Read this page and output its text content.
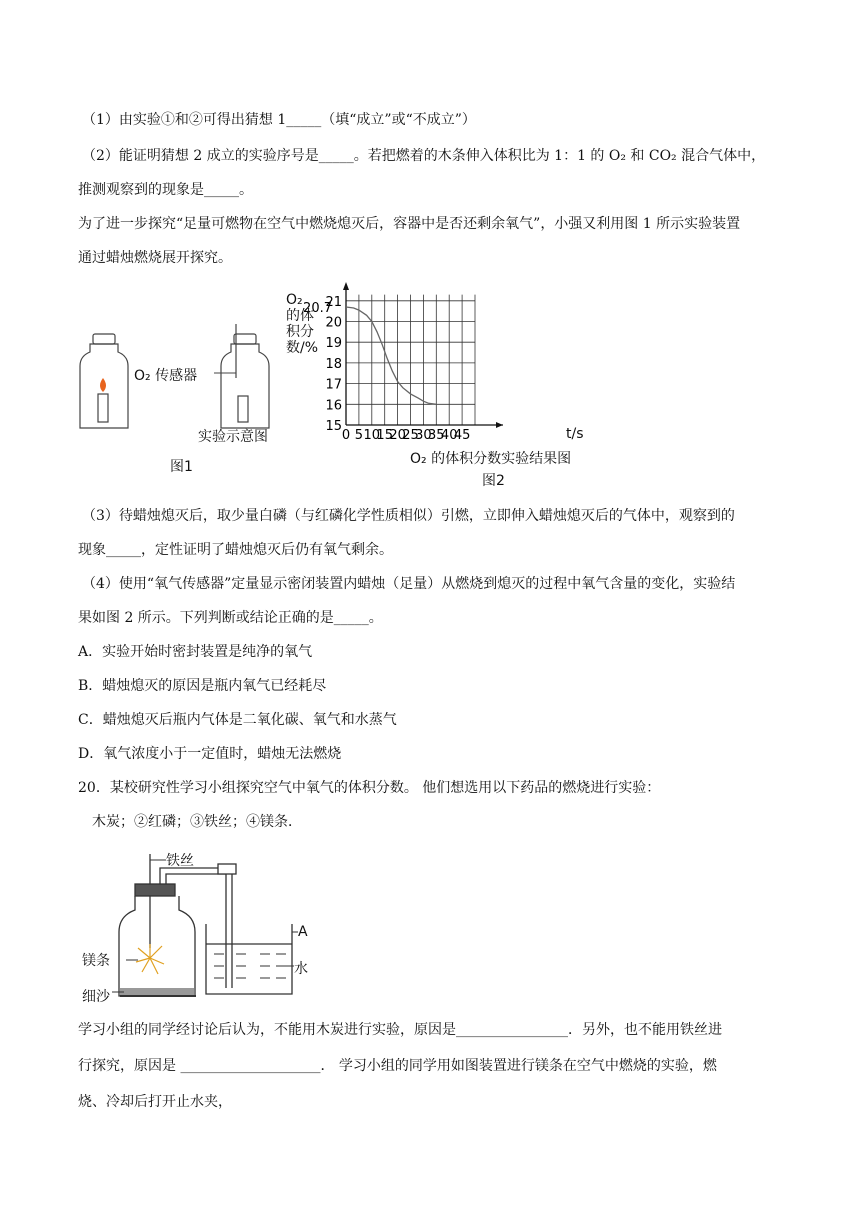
（1）由实验①和②可得出猜想 1_____（填“成立”或“不成立”）
（2）能证明猜想 2 成立的实验序号是_____。若把燃着的木条伸入体积比为 1：1 的 O₂ 和 CO₂ 混合气体中，
推测观察到的现象是_____。
为了进一步探究“足量可燃物在空气中燃烧熄灭后，容器中是否还剩余氧气”，小强又利用图 1 所示实验装置
通过蜡烛燃烧展开探究。
O₂ 传感器
实验示意图
图1
0 5 10
15
20
25
30
35
40
45
15
16
17
18
19
20
21
20.7
O₂的体积分数/%
t/s
O₂ 的体积分数实验结果图
图2
（3）待蜡烛熄灭后，取少量白磷（与红磷化学性质相似）引燃，立即伸入蜡烛熄灭后的气体中，观察到的
现象_____，定性证明了蜡烛熄灭后仍有氧气剩余。
（4）使用“氧气传感器”定量显示密闭装置内蜡烛（足量）从燃烧到熄灭的过程中氧气含量的变化，实验结
果如图 2 所示。下列判断或结论正确的是_____。
A．实验开始时密封装置是纯净的氧气
B．蜡烛熄灭的原因是瓶内氧气已经耗尽
C．蜡烛熄灭后瓶内气体是二氧化碳、氧气和水蒸气
D．氧气浓度小于一定值时，蜡烛无法燃烧
20．某校研究性学习小组探究空气中氧气的体积分数。 他们想选用以下药品的燃烧进行实验：
木炭；②红磷；③铁丝；④镁条．
铁丝
镁条
细沙
A
水
学习小组的同学经讨论后认为，不能用木炭进行实验，原因是________________．另外，也不能用铁丝进
行探究，原因是 ____________________． 学习小组的同学用如图装置进行镁条在空气中燃烧的实验，燃
烧、冷却后打开止水夹，
